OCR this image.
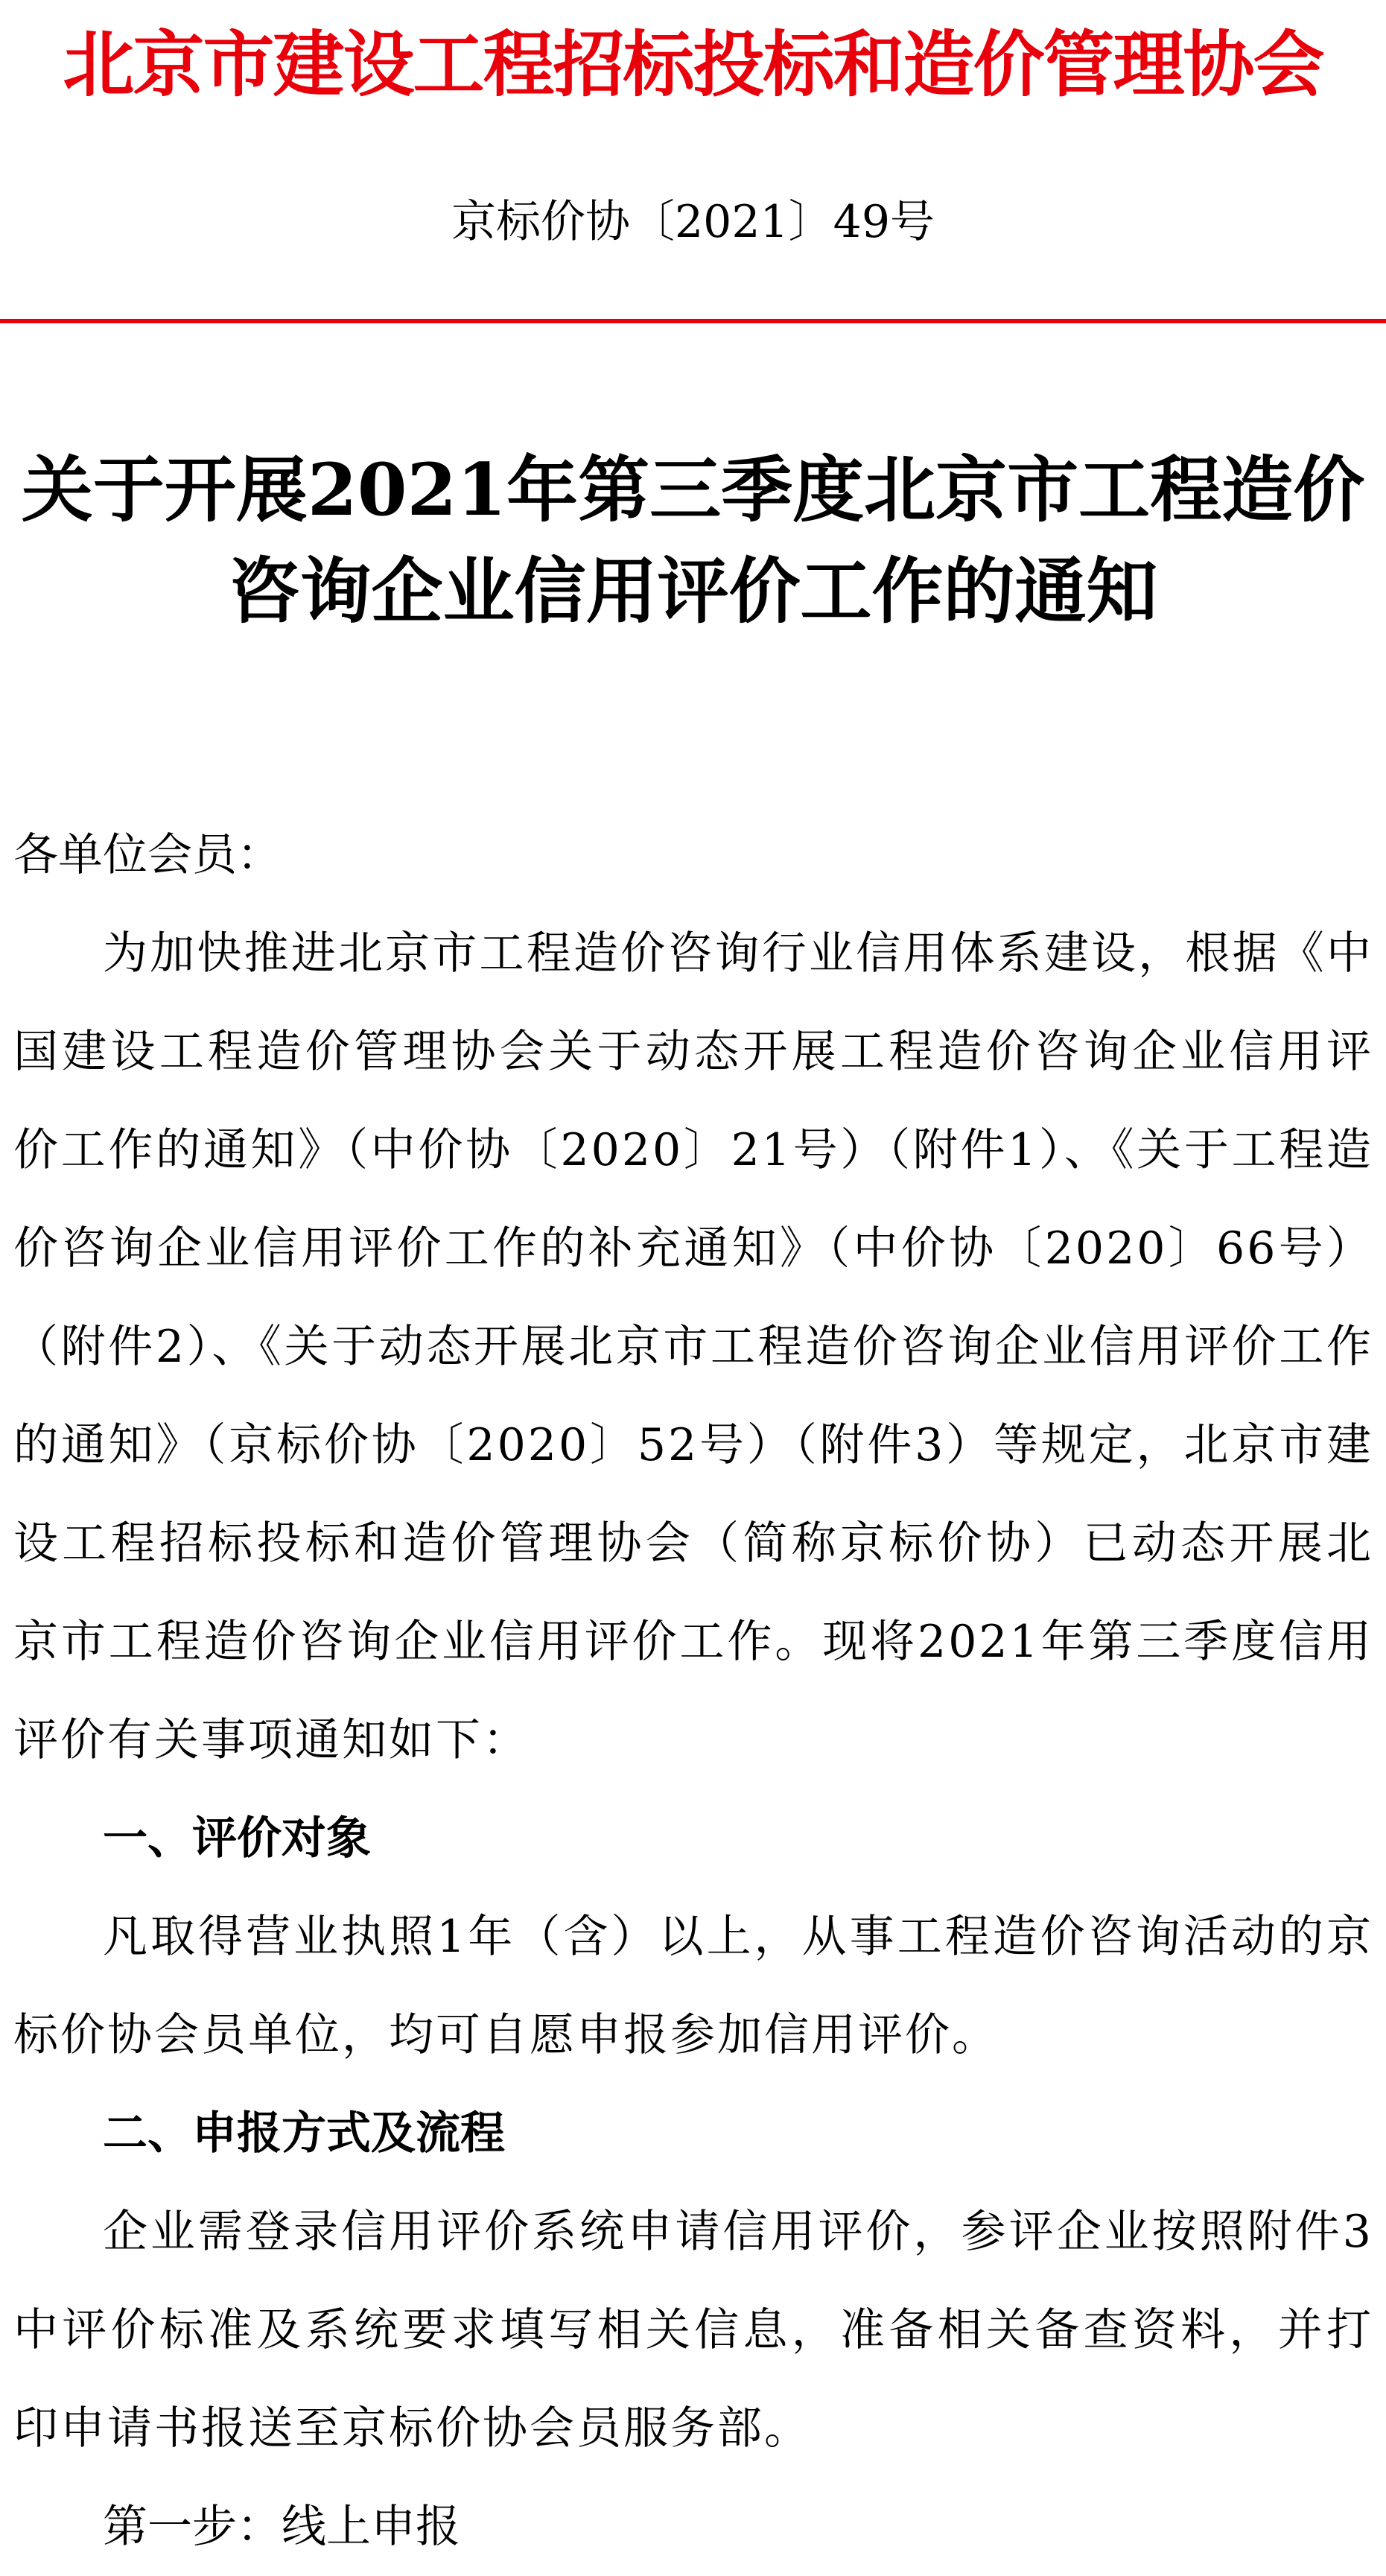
北京市建设工程招标投标和造价管理协会
京标价协〔2021〕49号
关于开展2021年第三季度北京市工程造价
咨询企业信用评价工作的通知

各单位会员：

为加快推进北京市工程造价咨询行业信用体系建设，根据《中国建设工程造价管理协会关于动态开展工程造价咨询企业信用评价工作的通知》（中价协〔2020〕21号）（附件1）、《关于工程造价咨询企业信用评价工作的补充通知》（中价协〔2020〕66号）（附件2）、《关于动态开展北京市工程造价咨询企业信用评价工作的通知》（京标价协〔2020〕52号）（附件3）等规定，北京市建设工程招标投标和造价管理协会（简称京标价协）已动态开展北京市工程造价咨询企业信用评价工作。现将2021年第三季度信用评价有关事项通知如下：

一、评价对象

凡取得营业执照1年（含）以上，从事工程造价咨询活动的京标价协会员单位，均可自愿申报参加信用评价。

二、申报方式及流程

企业需登录信用评价系统申请信用评价，参评企业按照附件3中评价标准及系统要求填写相关信息，准备相关备查资料，并打印申请书报送至京标价协会员服务部。

第一步：线上申报
